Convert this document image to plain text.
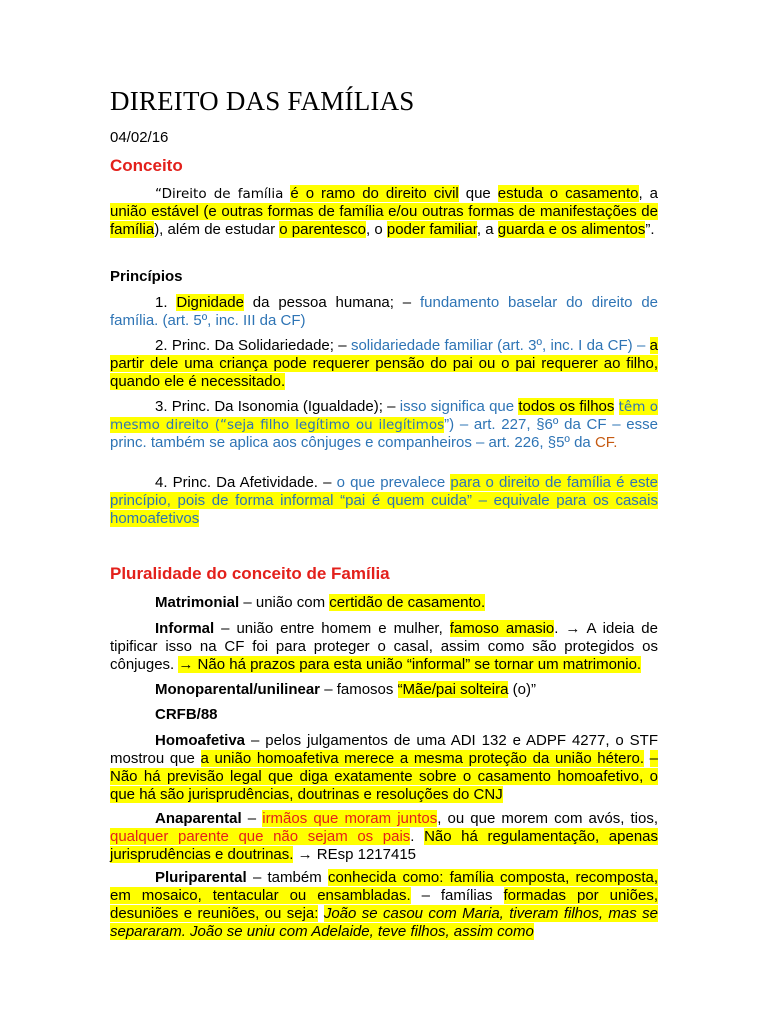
DIREITO DAS FAMÍLIAS
04/02/16
Conceito

“Direito de família é o ramo do direito civil que estuda o casamento, a união estável (e outras formas de família e/ou outras formas de manifestações de família), além de estudar o parentesco, o poder familiar, a guarda e os alimentos”.

Princípios

1. Dignidade da pessoa humana; – fundamento baselar do direito de família. (art. 5º, inc. III da CF)

2. Princ. Da Solidariedade; – solidariedade familiar (art. 3º, inc. I da CF) – a partir dele uma criança pode requerer pensão do pai ou o pai requerer ao filho, quando ele é necessitado.

3. Princ. Da Isonomia (Igualdade); – isso significa que todos os filhos têm o mesmo direito (“seja filho legítimo ou ilegítimos”) – art. 227, §6º da CF – esse princ. também se aplica aos cônjuges e companheiros – art. 226, §5º da CF.

4. Princ. Da Afetividade. – o que prevalece para o direito de família é este princípio, pois de forma informal “pai é quem cuida” – equivale para os casais homoafetivos

Pluralidade do conceito de Família

Matrimonial – união com certidão de casamento.

Informal – união entre homem e mulher, famoso amasio. → A ideia de tipificar isso na CF foi para proteger o casal, assim como são protegidos os cônjuges. → Não há prazos para esta união “informal” se tornar um matrimonio.

Monoparental/unilinear – famosos “Mãe/pai solteira (o)”

CRFB/88

Homoafetiva – pelos julgamentos de uma ADI 132 e ADPF 4277, o STF mostrou que a união homoafetiva merece a mesma proteção da união hétero. – Não há previsão legal que diga exatamente sobre o casamento homoafetivo, o que há são jurisprudências, doutrinas e resoluções do CNJ

Anaparental – irmãos que moram juntos, ou que morem com avós, tios, qualquer parente que não sejam os pais. Não há regulamentação, apenas jurisprudências e doutrinas. → REsp 1217415

Pluriparental – também conhecida como: família composta, recomposta, em mosaico, tentacular ou ensambladas. – famílias formadas por uniões, desuniões e reuniões, ou seja: João se casou com Maria, tiveram filhos, mas se separaram. João se uniu com Adelaide, teve filhos, assim como
